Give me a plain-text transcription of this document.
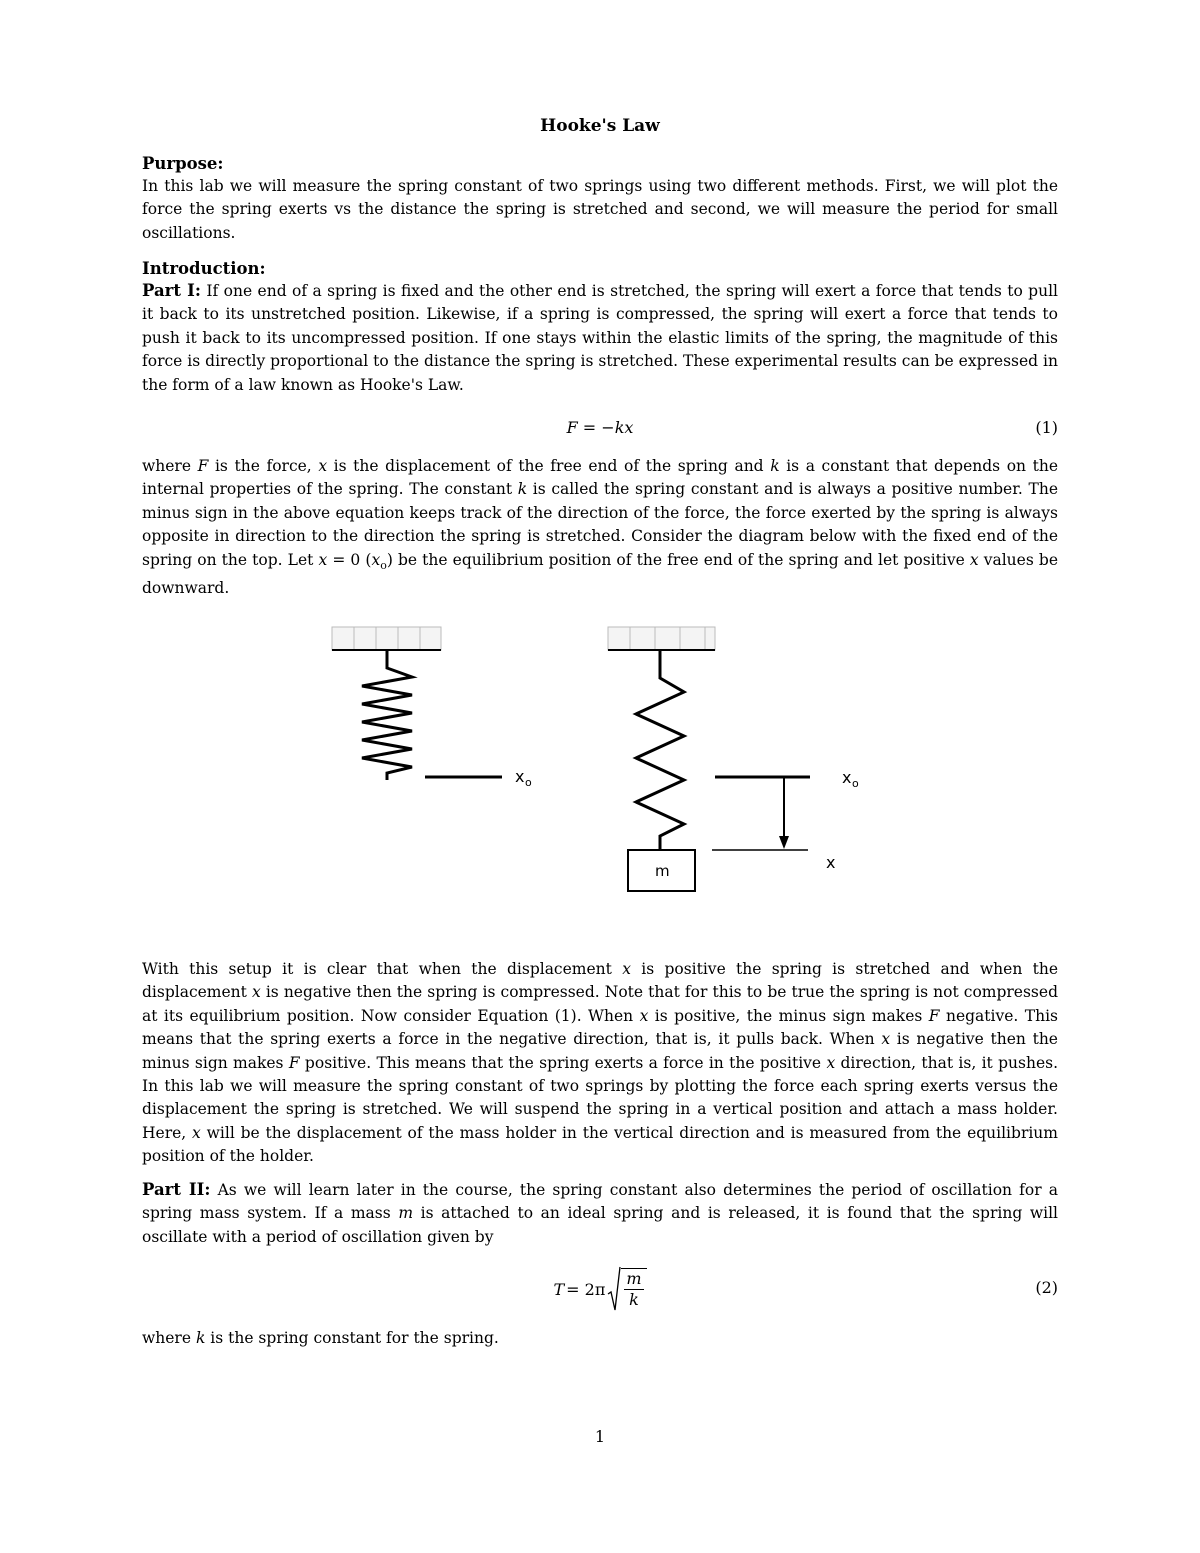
Hooke's Law

Purpose:

In this lab we will measure the spring constant of two springs using two different methods. First, we will plot the force the spring exerts vs the distance the spring is stretched and second, we will measure the period for small oscillations.

Introduction:

Part I: If one end of a spring is fixed and the other end is stretched, the spring will exert a force that tends to pull it back to its unstretched position. Likewise, if a spring is compressed, the spring will exert a force that tends to push it back to its uncompressed position. If one stays within the elastic limits of the spring, the magnitude of this force is directly proportional to the distance the spring is stretched. These experimental results can be expressed in the form of a law known as Hooke's Law.

F = −kx	(1)

where F is the force, x is the displacement of the free end of the spring and k is a constant that depends on the internal properties of the spring. The constant k is called the spring constant and is always a positive number. The minus sign in the above equation keeps track of the direction of the force, the force exerted by the spring is always opposite in direction to the direction the spring is stretched. Consider the diagram below with the fixed end of the spring on the top. Let x = 0 $(x_o)$ be the equilibrium position of the free end of the spring and let positive x values be downward.

x o
m
x o
x

With this setup it is clear that when the displacement x is positive the spring is stretched and when the displacement x is negative then the spring is compressed. Note that for this to be true the spring is not compressed at its equilibrium position. Now consider Equation (1). When x is positive, the minus sign makes F negative. This means that the spring exerts a force in the negative direction, that is, it pulls back. When x is negative then the minus sign makes F positive. This means that the spring exerts a force in the positive x direction, that is, it pushes. In this lab we will measure the spring constant of two springs by plotting the force each spring exerts versus the displacement the spring is stretched. We will suspend the spring in a vertical position and attach a mass holder. Here, x will be the displacement of the mass holder in the vertical direction and is measured from the equilibrium position of the holder.

Part II: As we will learn later in the course, the spring constant also determines the period of oscillation for a spring mass system. If a mass m is attached to an ideal spring and is released, it is found that the spring will oscillate with a period of oscillation given by

$T = 2\pi \frac{m}{k}$	(2)

where k is the spring constant for the spring.

1
